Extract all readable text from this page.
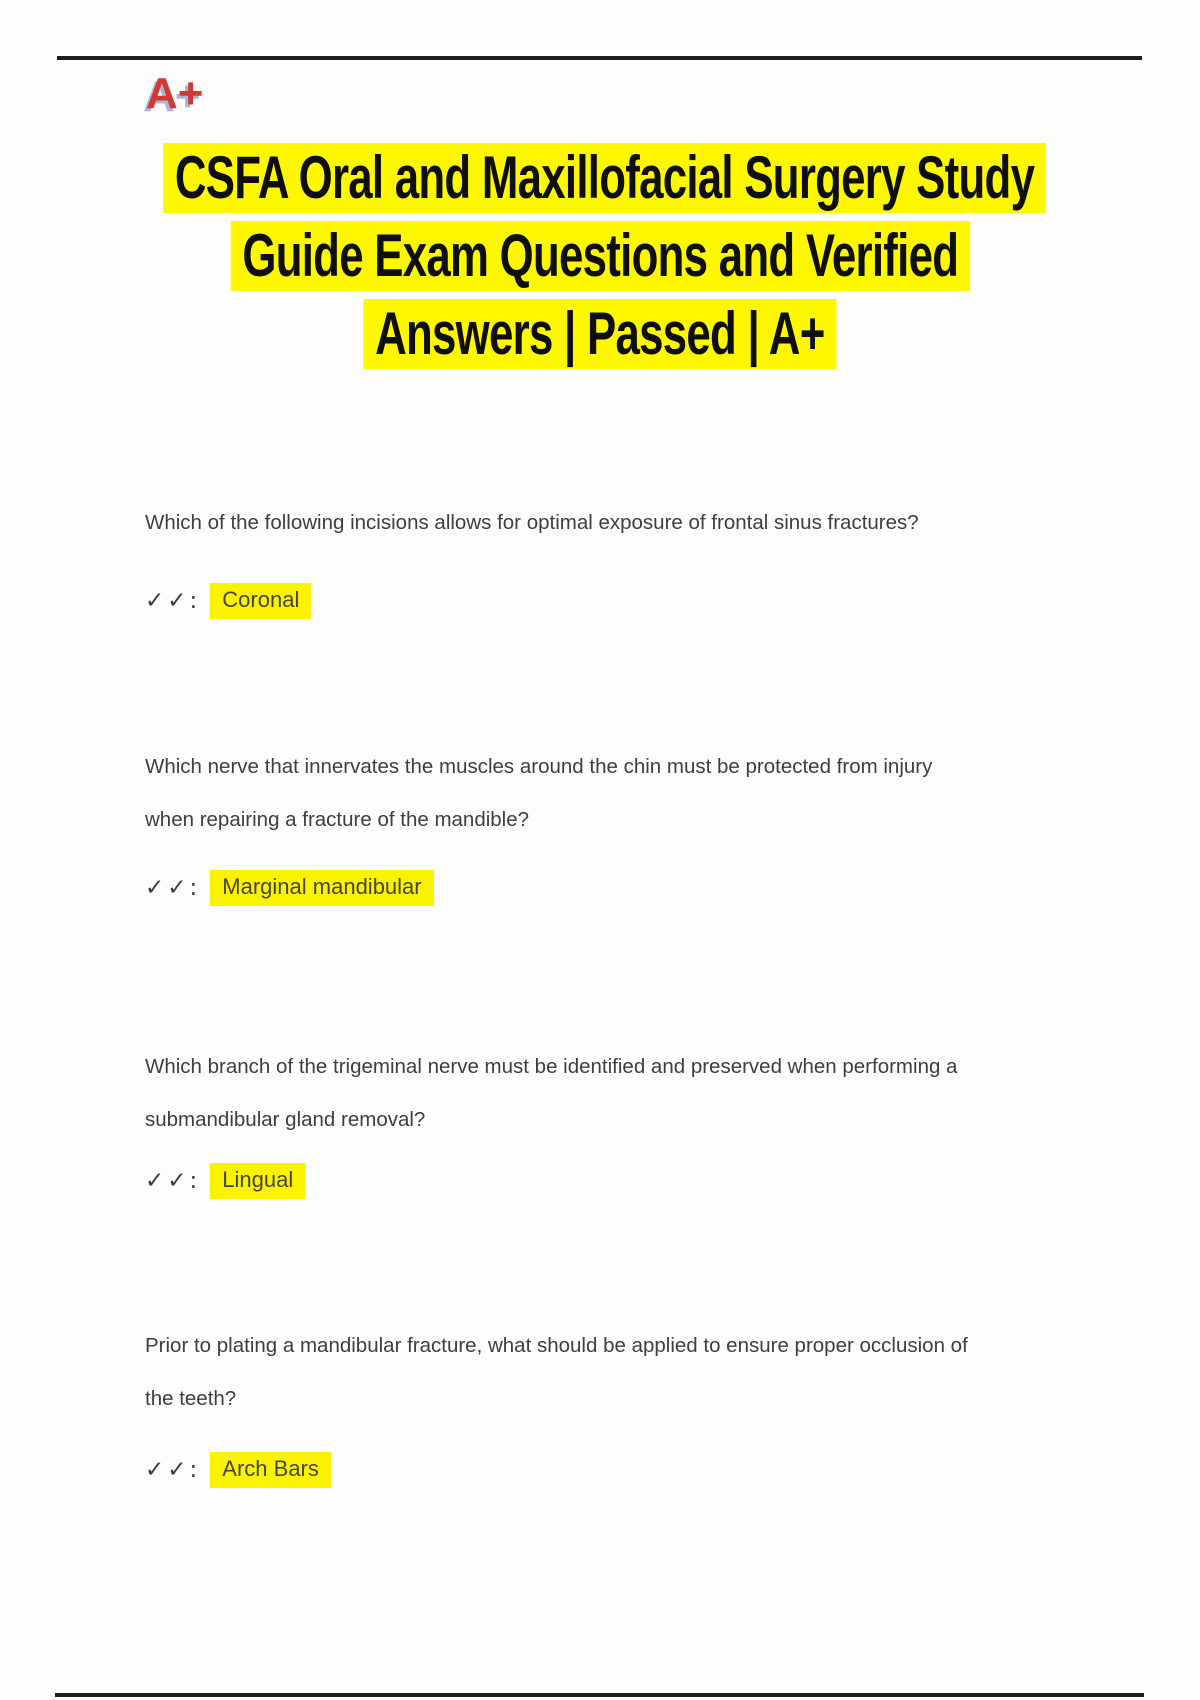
A+
CSFA Oral and Maxillofacial Surgery Study
Guide Exam Questions and Verified
Answers | Passed | A+
Which of the following incisions allows for optimal exposure of frontal sinus fractures?
✓✓:	Coronal
Which nerve that innervates the muscles around the chin must be protected from injury
when repairing a fracture of the mandible?
✓✓:	Marginal mandibular
Which branch of the trigeminal nerve must be identified and preserved when performing a
submandibular gland removal?
✓✓:	Lingual
Prior to plating a mandibular fracture, what should be applied to ensure proper occlusion of
the teeth?
✓✓:	Arch Bars
